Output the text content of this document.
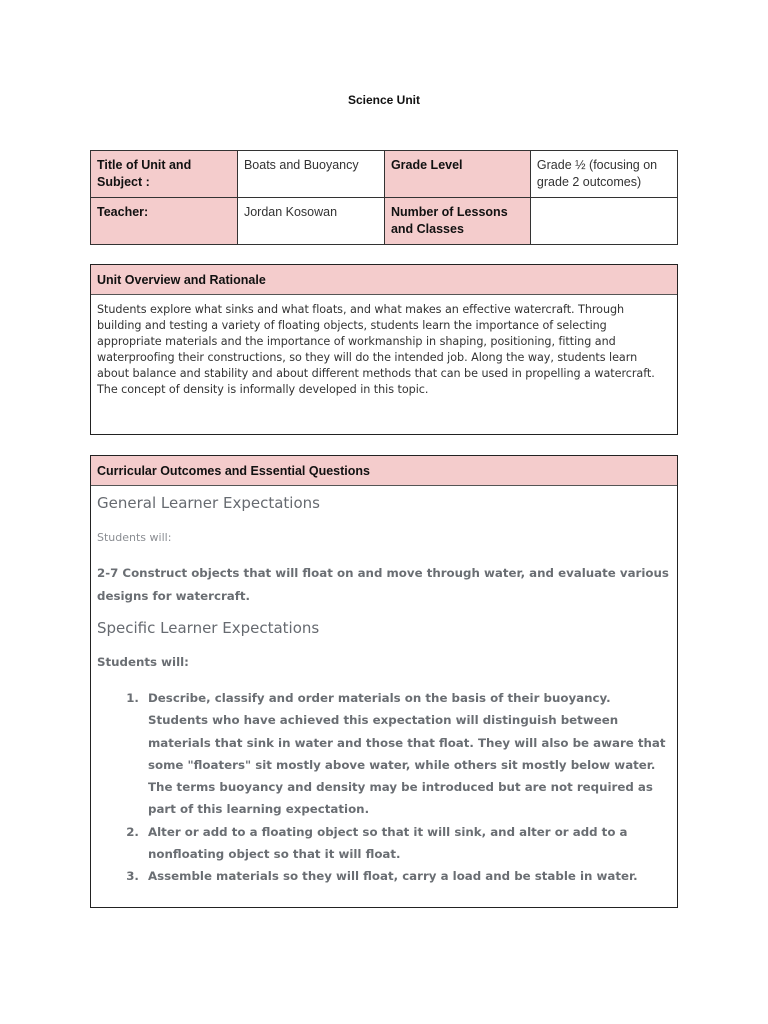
Science Unit
Title of Unit and Subject :	Boats and Buoyancy	Grade Level	Grade ½ (focusing on grade 2 outcomes)
Teacher:	Jordan Kosowan	Number of Lessons and Classes	
Unit Overview and Rationale
Students explore what sinks and what floats, and what makes an effective watercraft. Through building and testing a variety of floating objects, students learn the importance of selecting appropriate materials and the importance of workmanship in shaping, positioning, fitting and waterproofing their constructions, so they will do the intended job. Along the way, students learn about balance and stability and about different methods that can be used in propelling a watercraft. The concept of density is informally developed in this topic.
Curricular Outcomes and Essential Questions
General Learner Expectations
Students will:
2-7 Construct objects that will float on and move through water, and evaluate various designs for watercraft.
Specific Learner Expectations
Students will:
1. Describe, classify and order materials on the basis of their buoyancy. Students who have achieved this expectation will distinguish between materials that sink in water and those that float. They will also be aware that some "floaters" sit mostly above water, while others sit mostly below water. The terms buoyancy and density may be introduced but are not required as part of this learning expectation.
2. Alter or add to a floating object so that it will sink, and alter or add to a nonfloating object so that it will float.
3. Assemble materials so they will float, carry a load and be stable in water.
